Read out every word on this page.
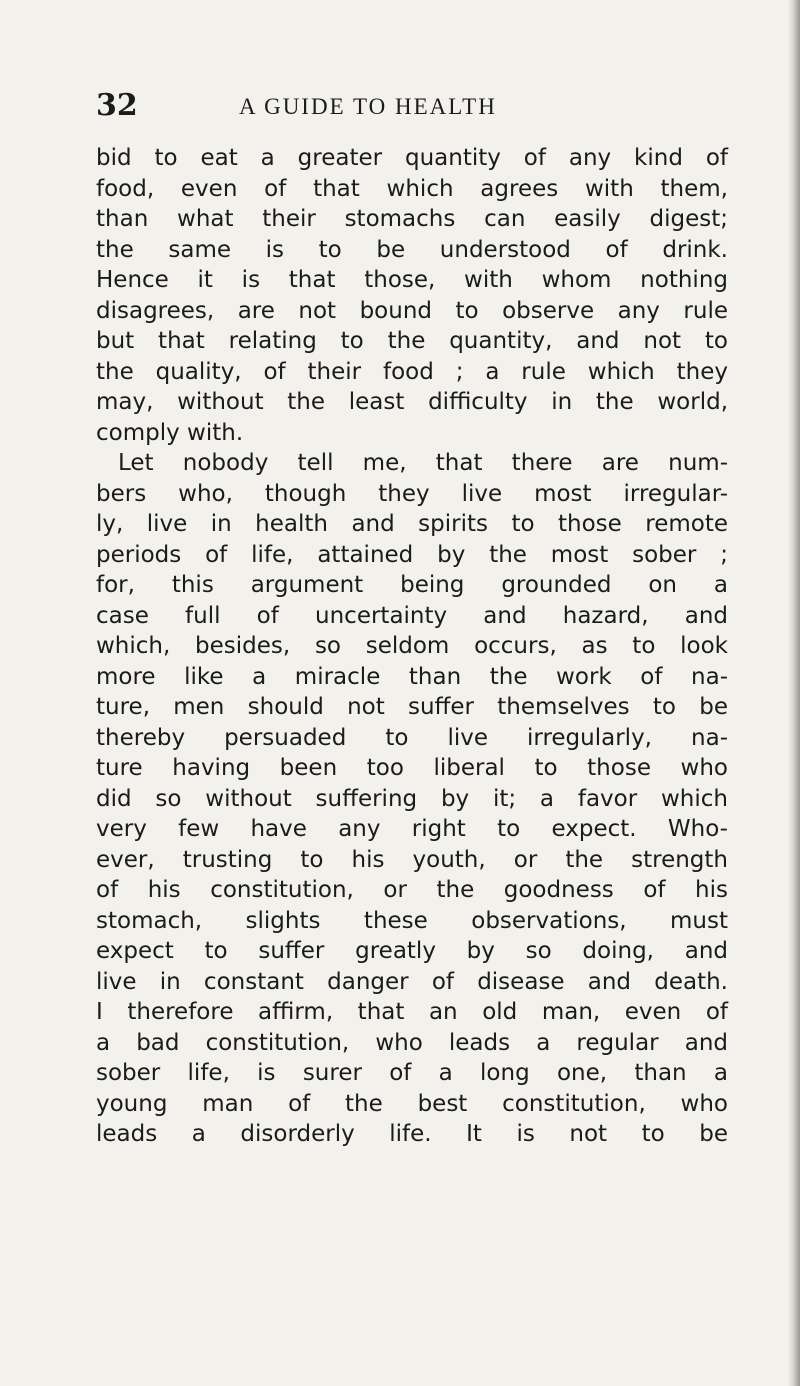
32	A GUIDE TO HEALTH
bid to eat a greater quantity of any kind of
food, even of that which agrees with them,
than what their stomachs can easily digest;
the same is to be understood of drink.
Hence it is that those, with whom nothing
disagrees, are not bound to observe any rule
but that relating to the quantity, and not to
the quality, of their food ; a rule which they
may, without the least difficulty in the world,
comply with.
Let nobody tell me, that there are num-
bers who, though they live most irregular-
ly, live in health and spirits to those remote
periods of life, attained by the most sober ;
for, this argument being grounded on a
case full of uncertainty and hazard, and
which, besides, so seldom occurs, as to look
more like a miracle than the work of na-
ture, men should not suffer themselves to be
thereby persuaded to live irregularly, na-
ture having been too liberal to those who
did so without suffering by it; a favor which
very few have any right to expect. Who-
ever, trusting to his youth, or the strength
of his constitution, or the goodness of his
stomach, slights these observations, must
expect to suffer greatly by so doing, and
live in constant danger of disease and death.
I therefore affirm, that an old man, even of
a bad constitution, who leads a regular and
sober life, is surer of a long one, than a
young man of the best constitution, who
leads a disorderly life. It is not to be
